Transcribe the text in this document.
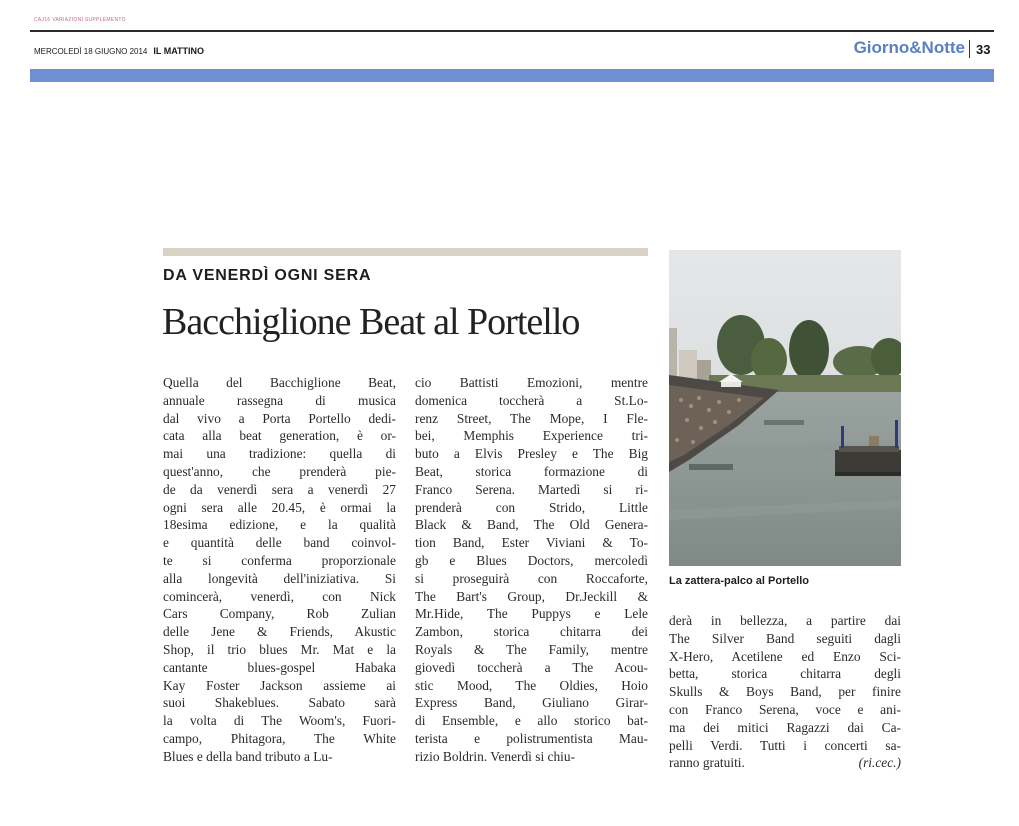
CAJ16 VARIAZIONI SUPPLEMENTO
MERCOLEDÌ 18 GIUGNO 2014 IL MATTINO	Giorno&Notte 33
DA VENERDÌ OGNI SERA
Bacchiglione Beat al Portello
Quella del Bacchiglione Beat,
annuale rassegna di musica
dal vivo a Porta Portello dedi-
cata alla beat generation, è or-
mai una tradizione: quella di
quest'anno, che prenderà pie-
de da venerdì sera a venerdì 27
ogni sera alle 20.45, è ormai la
18esima edizione, e la qualità
e quantità delle band coinvol-
te si conferma proporzionale
alla longevità dell'iniziativa. Si
comincerà, venerdì, con Nick
Cars Company, Rob Zulian
delle Jene & Friends, Akustic
Shop, il trio blues Mr. Mat e la
cantante blues-gospel Habaka
Kay Foster Jackson assieme ai
suoi Shakeblues. Sabato sarà
la volta di The Woom's, Fuori-
campo, Phitagora, The White
Blues e della band tributo a Lu-
cio Battisti Emozioni, mentre
domenica toccherà a St.Lo-
renz Street, The Mope, I Fle-
bei, Memphis Experience tri-
buto a Elvis Presley e The Big
Beat, storica formazione di
Franco Serena. Martedì si ri-
prenderà con Strido, Little
Black & Band, The Old Genera-
tion Band, Ester Viviani & To-
gb e Blues Doctors, mercoledì
si proseguirà con Roccaforte,
The Bart's Group, Dr.Jeckill &
Mr.Hide, The Puppys e Lele
Zambon, storica chitarra dei
Royals & The Family, mentre
giovedì toccherà a The Acou-
stic Mood, The Oldies, Hoio
Express Band, Giuliano Girar-
di Ensemble, e allo storico bat-
terista e polistrumentista Mau-
rizio Boldrin. Venerdì si chiu-
derà in bellezza, a partire dai
The Silver Band seguiti dagli
X-Hero, Acetilene ed Enzo Sci-
betta, storica chitarra degli
Skulls & Boys Band, per finire
con Franco Serena, voce e ani-
ma dei mitici Ragazzi dai Ca-
pelli Verdi. Tutti i concerti sa-
ranno gratuiti.	(ri.cec.)
La zattera-palco al Portello
